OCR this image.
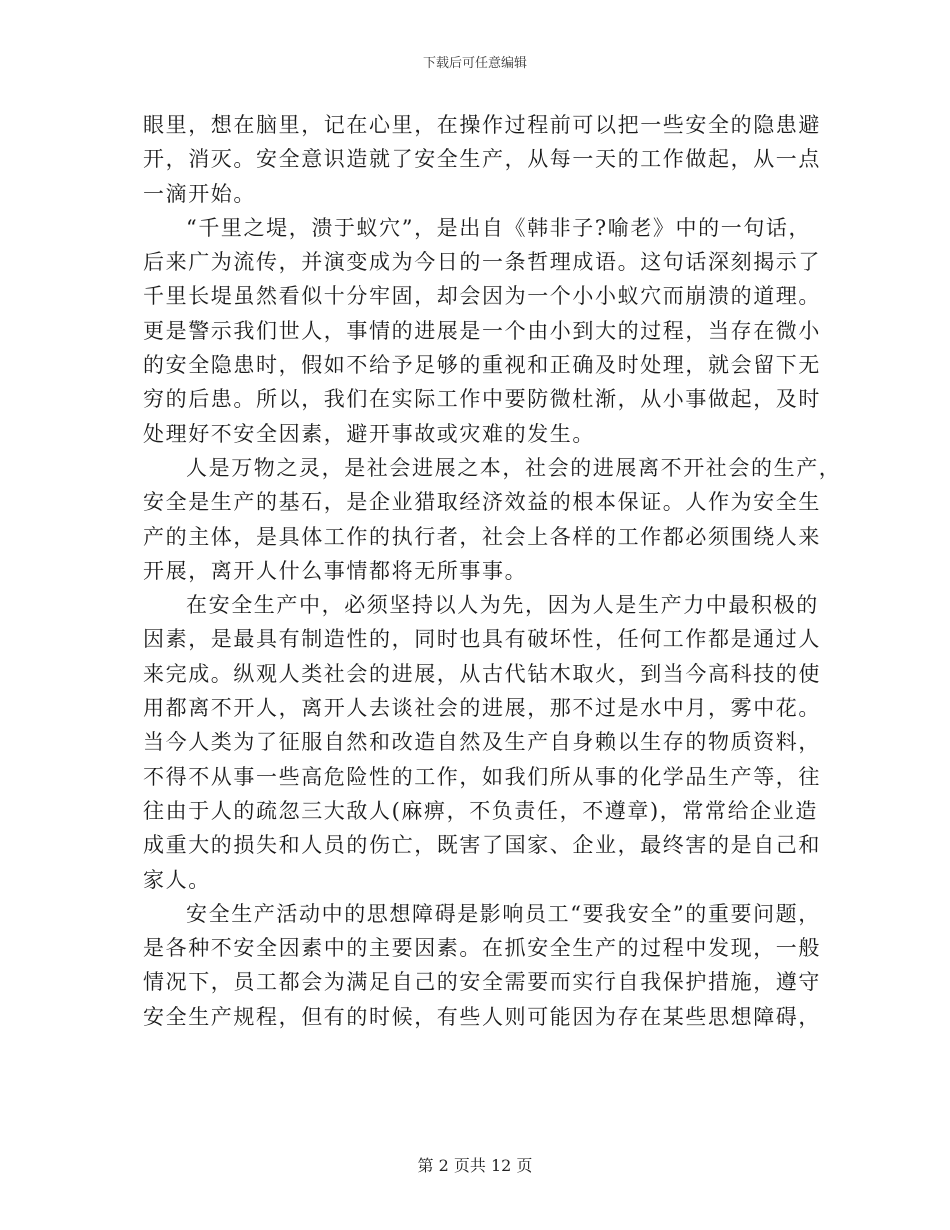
下载后可任意编辑

眼里，想在脑里，记在心里，在操作过程前可以把一些安全的隐患避
开，消灭。安全意识造就了安全生产，从每一天的工作做起，从一点
一滴开始。

“千里之堤，溃于蚁穴”，是出自《韩非子?喻老》中的一句话，
后来广为流传，并演变成为今日的一条哲理成语。这句话深刻揭示了
千里长堤虽然看似十分牢固，却会因为一个小小蚁穴而崩溃的道理。
更是警示我们世人，事情的进展是一个由小到大的过程，当存在微小
的安全隐患时，假如不给予足够的重视和正确及时处理，就会留下无
穷的后患。所以，我们在实际工作中要防微杜渐，从小事做起，及时
处理好不安全因素，避开事故或灾难的发生。

人是万物之灵，是社会进展之本，社会的进展离不开社会的生产，
安全是生产的基石，是企业猎取经济效益的根本保证。人作为安全生
产的主体，是具体工作的执行者，社会上各样的工作都必须围绕人来
开展，离开人什么事情都将无所事事。

在安全生产中，必须坚持以人为先，因为人是生产力中最积极的
因素，是最具有制造性的，同时也具有破坏性，任何工作都是通过人
来完成。纵观人类社会的进展，从古代钻木取火，到当今高科技的使
用都离不开人，离开人去谈社会的进展，那不过是水中月，雾中花。
当今人类为了征服自然和改造自然及生产自身赖以生存的物质资料，
不得不从事一些高危险性的工作，如我们所从事的化学品生产等，往
往由于人的疏忽三大敌人(麻痹，不负责任，不遵章)，常常给企业造
成重大的损失和人员的伤亡，既害了国家、企业，最终害的是自己和
家人。

安全生产活动中的思想障碍是影响员工“要我安全”的重要问题，
是各种不安全因素中的主要因素。在抓安全生产的过程中发现，一般
情况下，员工都会为满足自己的安全需要而实行自我保护措施，遵守
安全生产规程，但有的时候，有些人则可能因为存在某些思想障碍，

第 2 页共 12 页
